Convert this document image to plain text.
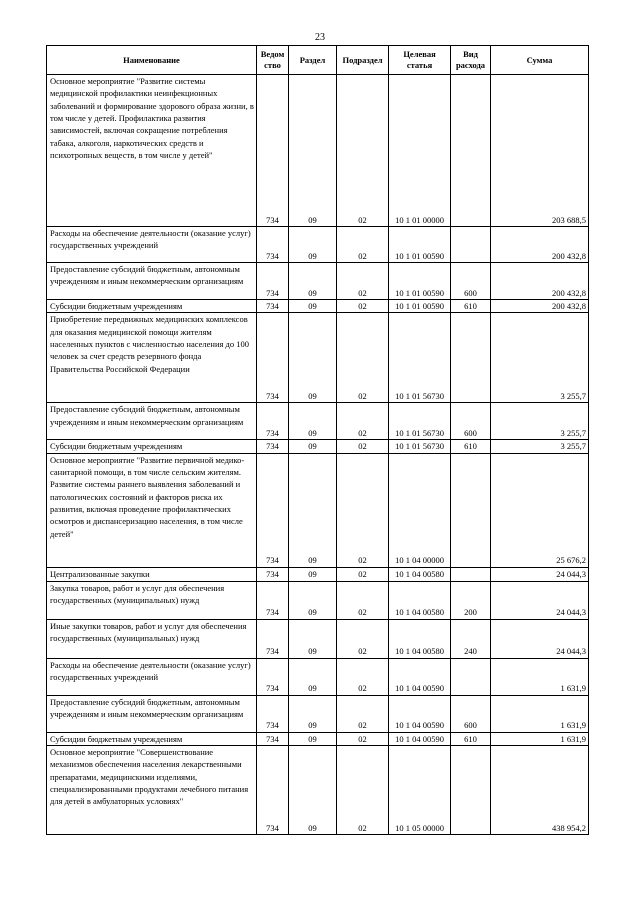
23
Наименование	Ведом ство	Раздел	Подраздел	Целевая статья	Вид расхода	Сумма
Основное мероприятие "Развитие системы медицинской профилактики неинфекционных заболеваний и формирование здорового образа жизни, в том числе у детей. Профилактика развития зависимостей, включая сокращение потребления табака, алкоголя, наркотических средств и психотропных веществ, в том числе у детей"	734	09	02	10 1 01 00000		203 688,5
Расходы на обеспечение деятельности (оказание услуг) государственных учреждений	734	09	02	10 1 01 00590		200 432,8
Предоставление субсидий бюджетным, автономным учреждениям и иным некоммерческим организациям	734	09	02	10 1 01 00590	600	200 432,8
Субсидии бюджетным учреждениям	734	09	02	10 1 01 00590	610	200 432,8
Приобретение передвижных медицинских комплексов для оказания медицинской помощи жителям населенных пунктов с численностью населения до 100 человек за счет средств резервного фонда Правительства Российской Федерации	734	09	02	10 1 01 56730		3 255,7
Предоставление субсидий бюджетным, автономным учреждениям и иным некоммерческим организациям	734	09	02	10 1 01 56730	600	3 255,7
Субсидии бюджетным учреждениям	734	09	02	10 1 01 56730	610	3 255,7
Основное мероприятие "Развитие первичной медико-санитарной помощи, в том числе сельским жителям. Развитие системы раннего выявления заболеваний и патологических состояний и факторов риска их развития, включая проведение профилактических осмотров и диспансеризацию населения, в том числе детей"	734	09	02	10 1 04 00000		25 676,2
Централизованные закупки	734	09	02	10 1 04 00580		24 044,3
Закупка товаров, работ и услуг для обеспечения государственных (муниципальных) нужд	734	09	02	10 1 04 00580	200	24 044,3
Иные закупки товаров, работ и услуг для обеспечения государственных (муниципальных) нужд	734	09	02	10 1 04 00580	240	24 044,3
Расходы на обеспечение деятельности (оказание услуг) государственных учреждений	734	09	02	10 1 04 00590		1 631,9
Предоставление субсидий бюджетным, автономным учреждениям и иным некоммерческим организациям	734	09	02	10 1 04 00590	600	1 631,9
Субсидии бюджетным учреждениям	734	09	02	10 1 04 00590	610	1 631,9
Основное мероприятие "Совершенствование механизмов обеспечения населения лекарственными препаратами, медицинскими изделиями, специализированными продуктами лечебного питания для детей в амбулаторных условиях"	734	09	02	10 1 05 00000		438 954,2
